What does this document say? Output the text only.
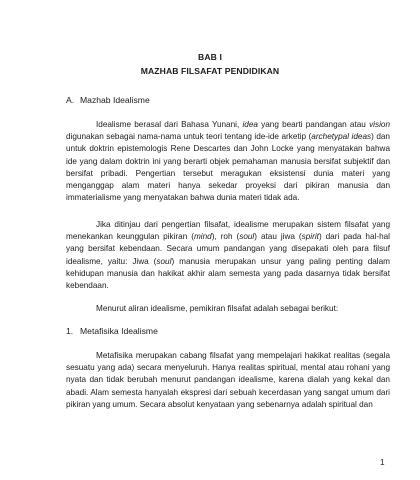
BAB I
MAZHAB FILSAFAT PENDIDIKAN
A. Mazhab Idealisme

Idealisme berasal dari Bahasa Yunani, idea yang bearti pandangan atau vision digunakan sebagai nama-nama untuk teori tentang ide-ide arketip (archetypal ideas) dan untuk doktrin epistemologis Rene Descartes dan John Locke yang menyatakan bahwa ide yang dalam doktrin ini yang berarti objek pemahaman manusia bersifat subjektif dan bersifat pribadi. Pengertian tersebut meragukan eksistensi dunia materi yang menganggap alam materi hanya sekedar proyeksi dari pikiran manusia dan immaterialisme yang menyatakan bahwa dunia materi tidak ada.

Jika ditinjau dari pengertian filsafat, idealisme merupakan sistem filsafat yang menekankan keunggulan pikiran (mind), roh (soul) atau jiwa (spirit) dari pada hal-hal yang bersifat kebendaan. Secara umum pandangan yang disepakati oleh para filsuf idealisme, yaitu: Jiwa (soul) manusia merupakan unsur yang paling penting dalam kehidupan manusia dan hakikat akhir alam semesta yang pada dasarnya tidak bersifat kebendaan.

Menurut aliran idealisme, pemikiran filsafat adalah sebagai berikut:

1. Metafisika Idealisme

Metafisika merupakan cabang filsafat yang mempelajari hakikat realitas (segala sesuatu yang ada) secara menyeluruh. Hanya realitas spiritual, mental atau rohani yang nyata dan tidak berubah menurut pandangan idealisme, karena dialah yang kekal dan abadi. Alam semesta hanyalah ekspresi dari sebuah kecerdasan yang sangat umum dari pikiran yang umum. Secara absolut kenyataan yang sebenarnya adalah spiritual dan

1
